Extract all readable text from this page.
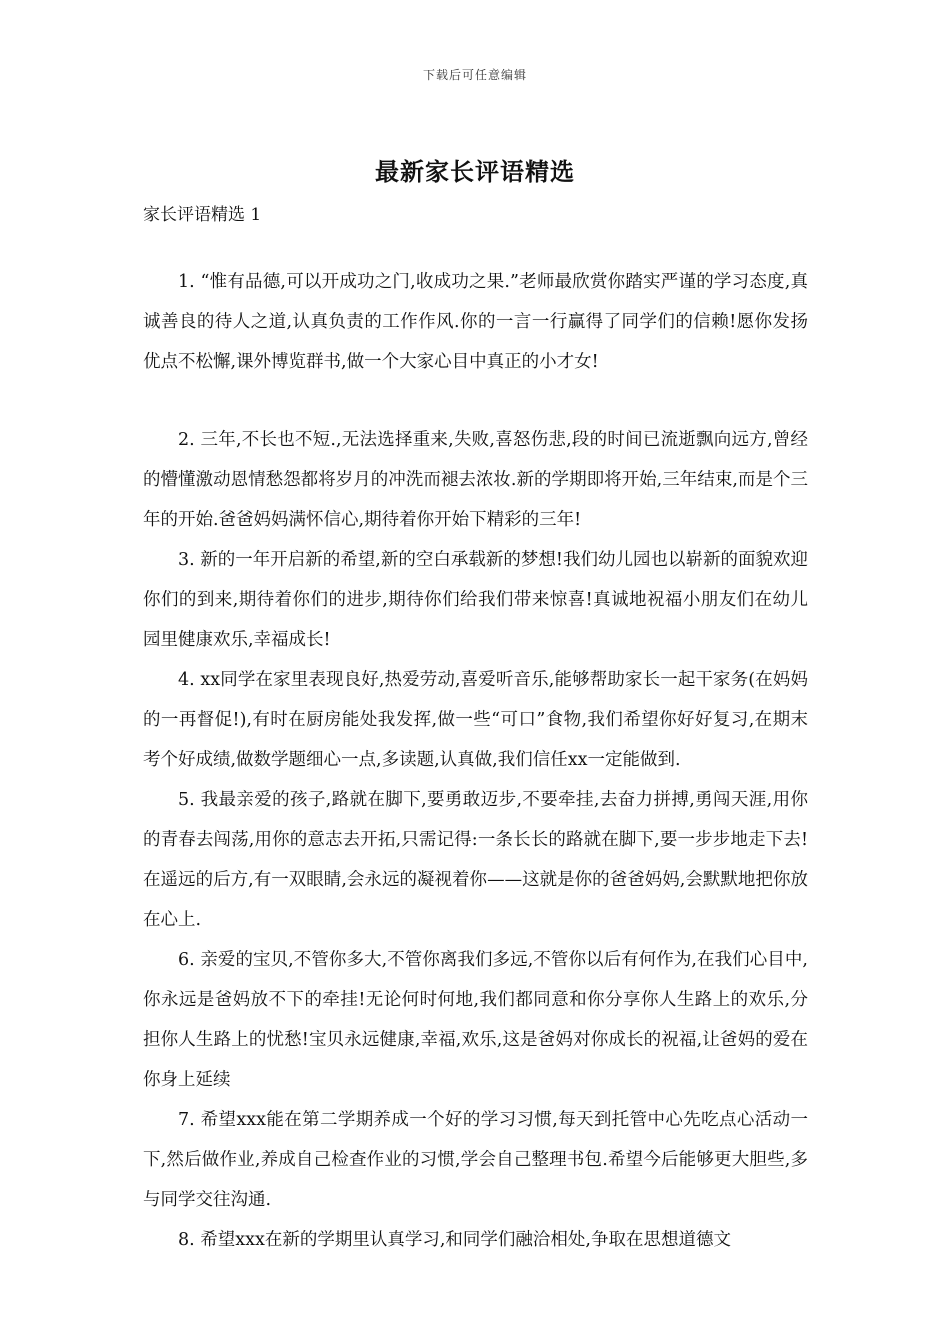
下载后可任意编辑
最新家长评语精选
家长评语精选 1

1. “惟有品德,可以开成功之门,收成功之果.”老师最欣赏你踏实严谨的学习态度,真诚善良的待人之道,认真负责的工作作风.你的一言一行赢得了同学们的信赖!愿你发扬优点不松懈,课外博览群书,做一个大家心目中真正的小才女!

2. 三年,不长也不短.,无法选择重来,失败,喜怒伤悲,段的时间已流逝飘向远方,曾经的懵懂激动恩情愁怨都将岁月的冲洗而褪去浓妆.新的学期即将开始,三年结束,而是个三年的开始.爸爸妈妈满怀信心,期待着你开始下精彩的三年!

3. 新的一年开启新的希望,新的空白承载新的梦想!我们幼儿园也以崭新的面貌欢迎你们的到来,期待着你们的进步,期待你们给我们带来惊喜!真诚地祝福小朋友们在幼儿园里健康欢乐,幸福成长!

4. xx同学在家里表现良好,热爱劳动,喜爱听音乐,能够帮助家长一起干家务(在妈妈的一再督促!),有时在厨房能处我发挥,做一些“可口”食物,我们希望你好好复习,在期末考个好成绩,做数学题细心一点,多读题,认真做,我们信任xx一定能做到.

5. 我最亲爱的孩子,路就在脚下,要勇敢迈步,不要牵挂,去奋力拼搏,勇闯天涯,用你的青春去闯荡,用你的意志去开拓,只需记得:一条长长的路就在脚下,要一步步地走下去!在遥远的后方,有一双眼睛,会永远的凝视着你——这就是你的爸爸妈妈,会默默地把你放在心上.

6. 亲爱的宝贝,不管你多大,不管你离我们多远,不管你以后有何作为,在我们心目中,你永远是爸妈放不下的牵挂!无论何时何地,我们都同意和你分享你人生路上的欢乐,分担你人生路上的忧愁!宝贝永远健康,幸福,欢乐,这是爸妈对你成长的祝福,让爸妈的爱在你身上延续

7. 希望xxx能在第二学期养成一个好的学习习惯,每天到托管中心先吃点心活动一下,然后做作业,养成自己检查作业的习惯,学会自己整理书包.希望今后能够更大胆些,多与同学交往沟通.

8. 希望xxx在新的学期里认真学习,和同学们融洽相处,争取在思想道德文
